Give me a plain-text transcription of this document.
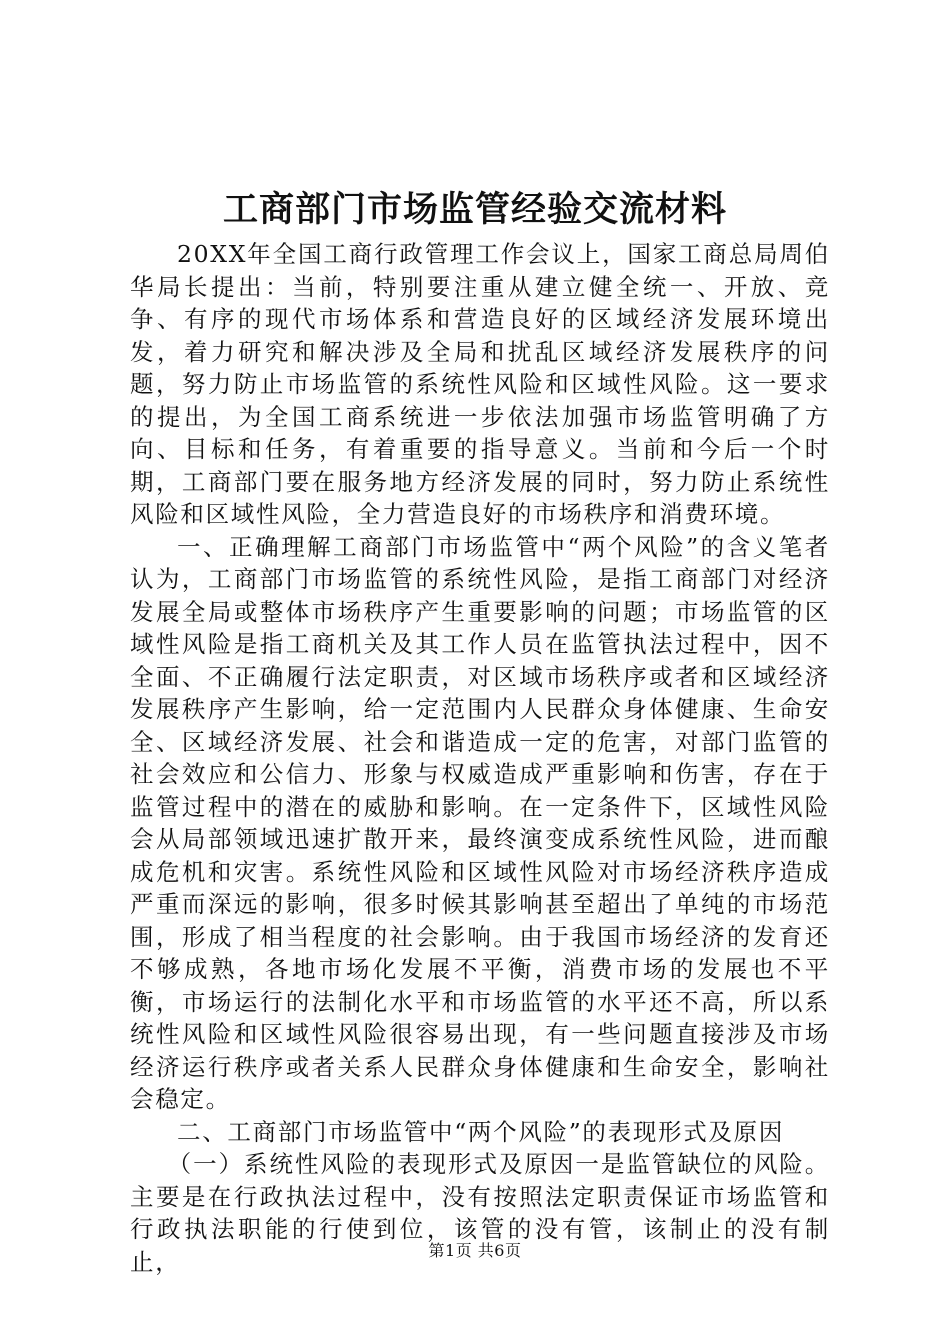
工商部门市场监管经验交流材料

20XX年全国工商行政管理工作会议上，国家工商总局周伯华局长提出：当前，特别要注重从建立健全统一、开放、竞争、有序的现代市场体系和营造良好的区域经济发展环境出发，着力研究和解决涉及全局和扰乱区域经济发展秩序的问题，努力防止市场监管的系统性风险和区域性风险。这一要求的提出，为全国工商系统进一步依法加强市场监管明确了方向、目标和任务，有着重要的指导意义。当前和今后一个时期，工商部门要在服务地方经济发展的同时，努力防止系统性风险和区域性风险，全力营造良好的市场秩序和消费环境。

一、正确理解工商部门市场监管中“两个风险”的含义笔者认为，工商部门市场监管的系统性风险，是指工商部门对经济发展全局或整体市场秩序产生重要影响的问题；市场监管的区域性风险是指工商机关及其工作人员在监管执法过程中，因不全面、不正确履行法定职责，对区域市场秩序或者和区域经济发展秩序产生影响，给一定范围内人民群众身体健康、生命安全、区域经济发展、社会和谐造成一定的危害，对部门监管的社会效应和公信力、形象与权威造成严重影响和伤害，存在于监管过程中的潜在的威胁和影响。在一定条件下，区域性风险会从局部领域迅速扩散开来，最终演变成系统性风险，进而酿成危机和灾害。系统性风险和区域性风险对市场经济秩序造成严重而深远的影响，很多时候其影响甚至超出了单纯的市场范围，形成了相当程度的社会影响。由于我国市场经济的发育还不够成熟，各地市场化发展不平衡，消费市场的发展也不平衡，市场运行的法制化水平和市场监管的水平还不高，所以系统性风险和区域性风险很容易出现，有一些问题直接涉及市场经济运行秩序或者关系人民群众身体健康和生命安全，影响社会稳定。

二、工商部门市场监管中“两个风险”的表现形式及原因

（一）系统性风险的表现形式及原因一是监管缺位的风险。主要是在行政执法过程中，没有按照法定职责保证市场监管和行政执法职能的行使到位，该管的没有管，该制止的没有制止，	第1页 共6页
